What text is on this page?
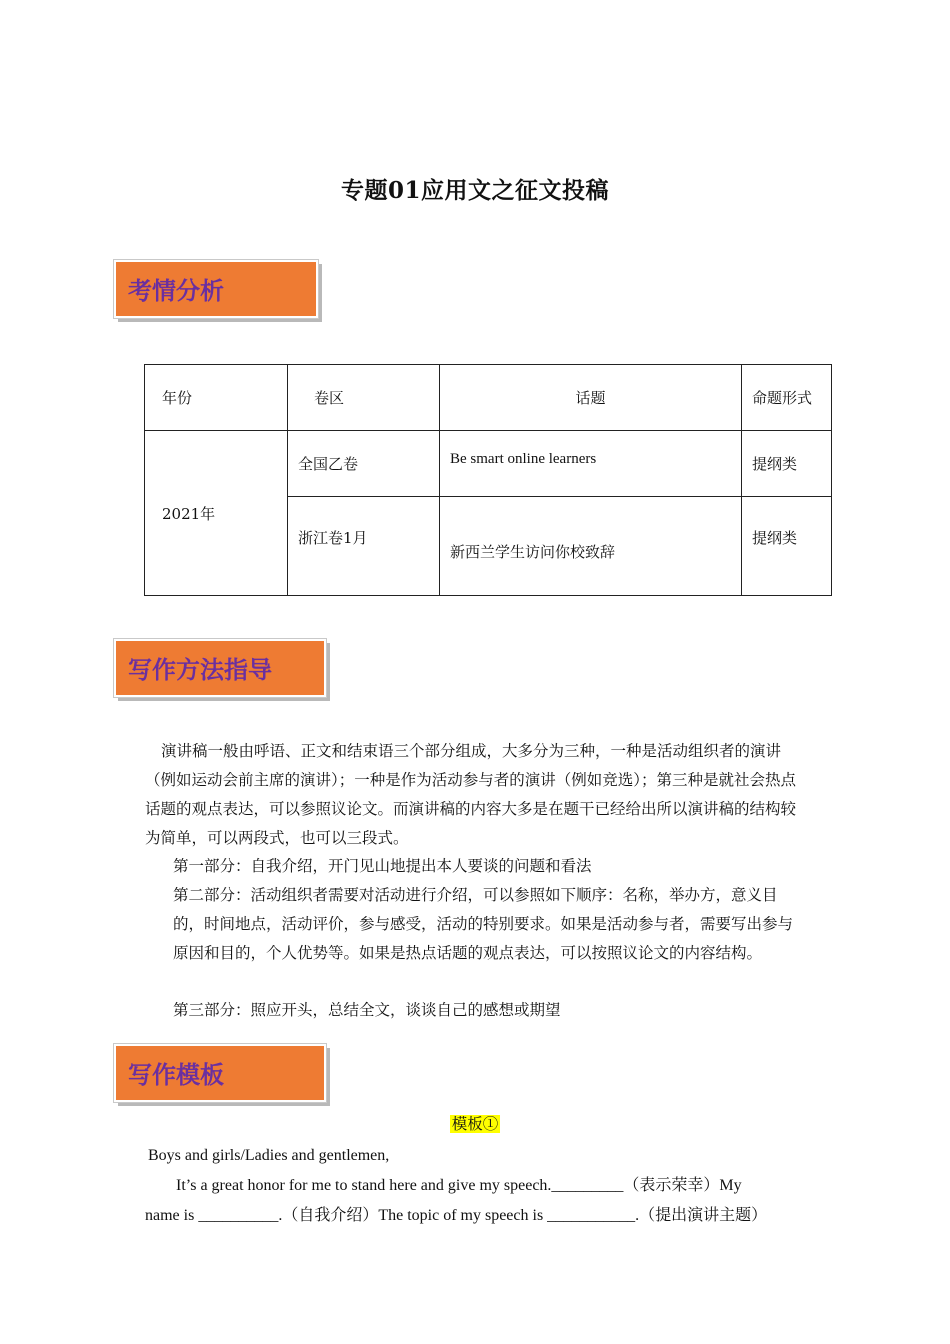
专题01应用文之征文投稿
考情分析
年份	卷区	话题	命题形式
2021年	全国乙卷	Be smart online learners	提纲类
	浙江卷1月	新西兰学生访问你校致辞	提纲类
写作方法指导
演讲稿一般由呼语、正文和结束语三个部分组成，大多分为三种，一种是活动组织者的演讲（例如运动会前主席的演讲）；一种是作为活动参与者的演讲（例如竞选）；第三种是就社会热点话题的观点表达，可以参照议论文。而演讲稿的内容大多是在题干已经给出所以演讲稿的结构较为简单，可以两段式，也可以三段式。
第一部分：自我介绍，开门见山地提出本人要谈的问题和看法
第二部分：活动组织者需要对活动进行介绍，可以参照如下顺序：名称，举办方，意义目的，时间地点，活动评价，参与感受，活动的特别要求。如果是活动参与者，需要写出参与原因和目的，个人优势等。如果是热点话题的观点表达，可以按照议论文的内容结构。
第三部分：照应开头，总结全文，谈谈自己的感想或期望
写作模板
模板①
Boys and girls/Ladies and gentlemen,
It’s a great honor for me to stand here and give my speech._________（表示荣幸）My
name is __________.（自我介绍）The topic of my speech is ___________.（提出演讲主题）
